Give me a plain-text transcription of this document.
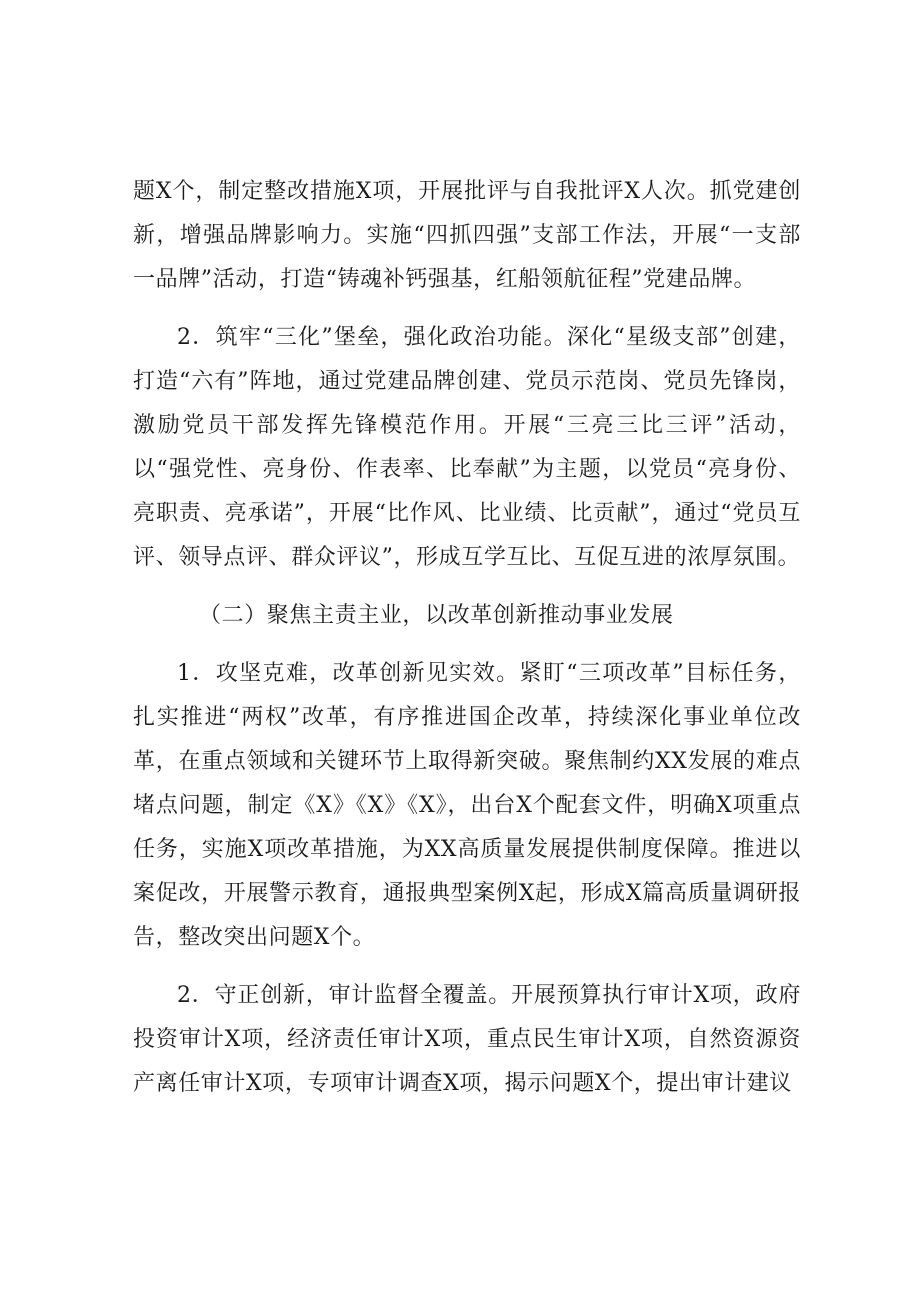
题X个，制定整改措施X项，开展批评与自我批评X人次。抓党建创新，增强品牌影响力。实施“四抓四强”支部工作法，开展“一支部一品牌”活动，打造“铸魂补钙强基，红船领航征程”党建品牌。

2．筑牢“三化”堡垒，强化政治功能。深化“星级支部”创建，打造“六有”阵地，通过党建品牌创建、党员示范岗、党员先锋岗，激励党员干部发挥先锋模范作用。开展“三亮三比三评”活动，以“强党性、亮身份、作表率、比奉献”为主题，以党员“亮身份、亮职责、亮承诺”，开展“比作风、比业绩、比贡献”，通过“党员互评、领导点评、群众评议”，形成互学互比、互促互进的浓厚氛围。

（二）聚焦主责主业，以改革创新推动事业发展

1．攻坚克难，改革创新见实效。紧盯“三项改革”目标任务，扎实推进“两权”改革，有序推进国企改革，持续深化事业单位改革，在重点领域和关键环节上取得新突破。聚焦制约XX发展的难点堵点问题，制定《X》《X》《X》，出台X个配套文件，明确X项重点任务，实施X项改革措施，为XX高质量发展提供制度保障。推进以案促改，开展警示教育，通报典型案例X起，形成X篇高质量调研报告，整改突出问题X个。

2．守正创新，审计监督全覆盖。开展预算执行审计X项，政府投资审计X项，经济责任审计X项，重点民生审计X项，自然资源资产离任审计X项，专项审计调查X项，揭示问题X个，提出审计建议
